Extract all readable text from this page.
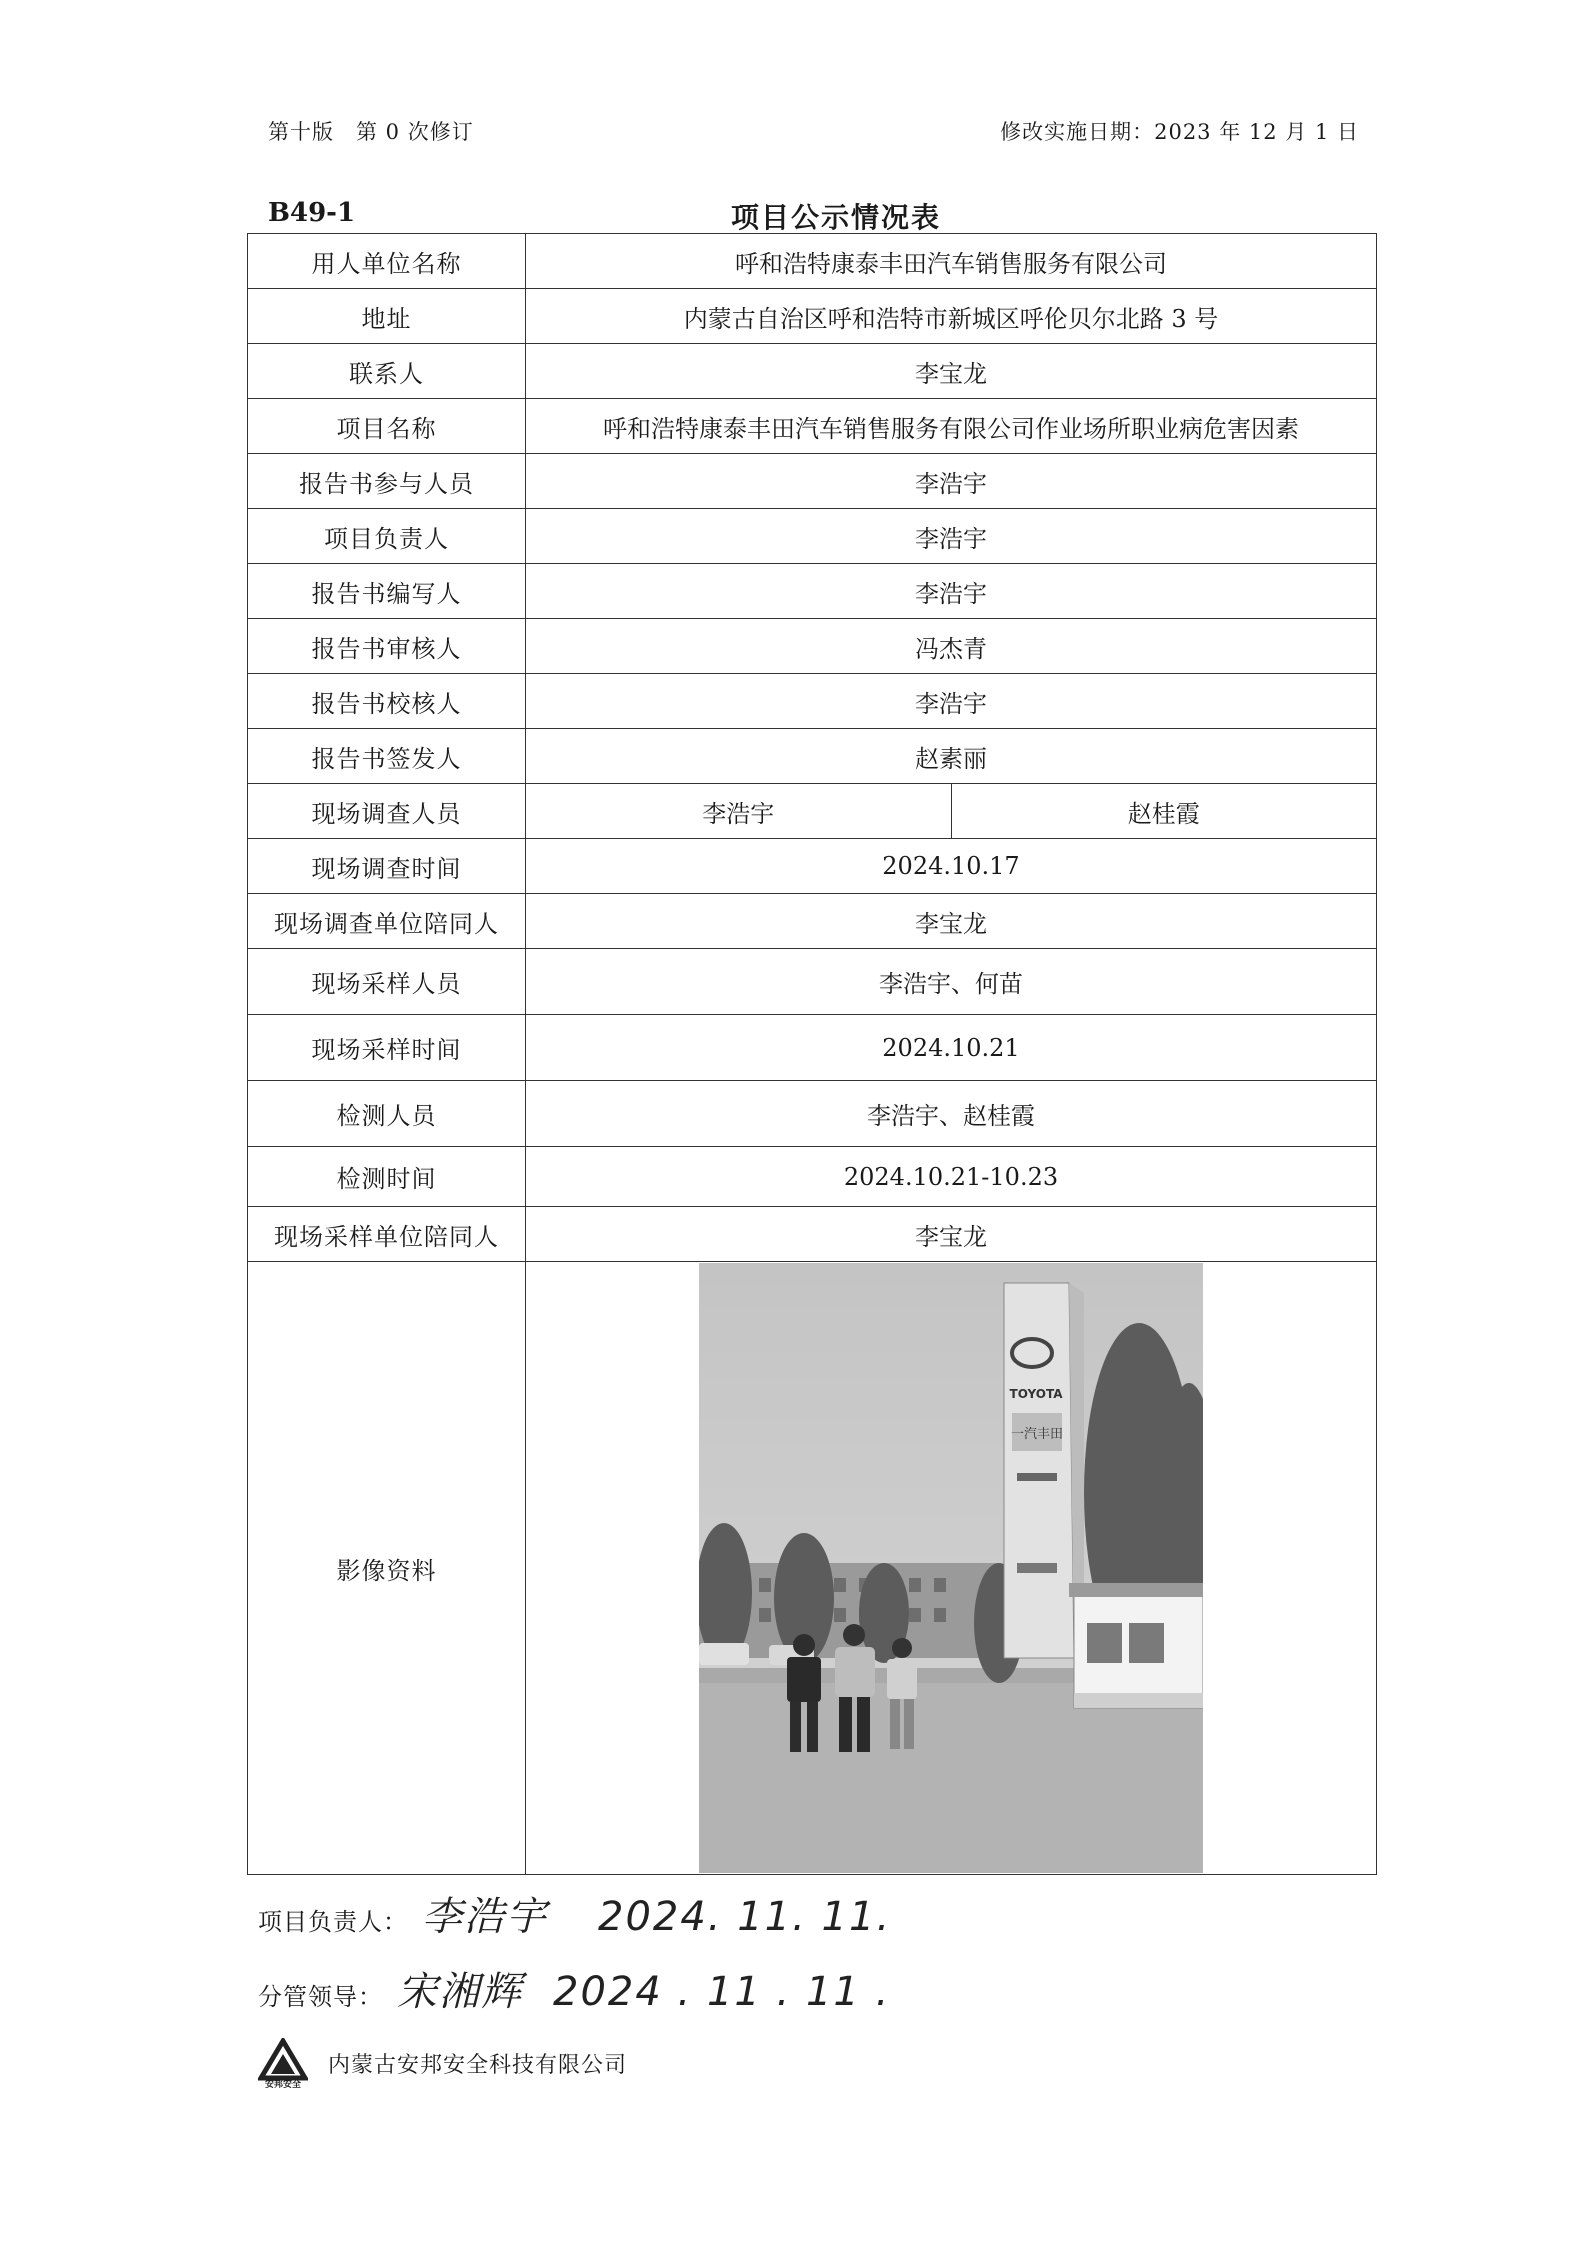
第十版　第 0 次修订	修改实施日期：2023 年 12 月 1 日
B49-1	项目公示情况表
用人单位名称	呼和浩特康泰丰田汽车销售服务有限公司	
地址	内蒙古自治区呼和浩特市新城区呼伦贝尔北路 3 号	
联系人	李宝龙	
项目名称	呼和浩特康泰丰田汽车销售服务有限公司作业场所职业病危害因素	
报告书参与人员	李浩宇	
项目负责人	李浩宇	
报告书编写人	李浩宇	
报告书审核人	冯杰青	
报告书校核人	李浩宇	
报告书签发人	赵素丽	
现场调查人员	李浩宇	赵桂霞
现场调查时间	2024.10.17	
现场调查单位陪同人	李宝龙	
现场采样人员	李浩宇、何苗	
现场采样时间	2024.10.21	
检测人员	李浩宇、赵桂霞	
检测时间	2024.10.21-10.23	
现场采样单位陪同人	李宝龙	
影像资料	TOYOTA
一汽丰田	
项目负责人： 李浩宇 2024. 11. 11.
分管领导： 宋湘辉 2024 . 11 . 11 .
安邦安全
内蒙古安邦安全科技有限公司
